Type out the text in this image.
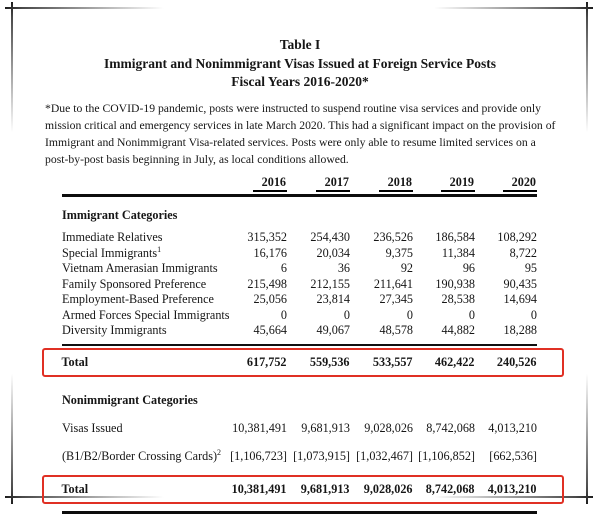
Table I
Immigrant and Nonimmigrant Visas Issued at Foreign Service Posts
Fiscal Years 2016-2020*
*Due to the COVID-19 pandemic, posts were instructed to suspend routine visa services and provide only mission critical and emergency services in late March 2020. This had a significant impact on the provision of Immigrant and Nonimmigrant Visa-related services. Posts were only able to resume limited services on a post-by-post basis beginning in July, as local conditions allowed.
2016	2017	2018	2019	2020
Immigrant Categories
Immediate Relatives	315,352	254,430	236,526	186,584	108,292
Special Immigrants$^1$	16,176	20,034	9,375	11,384	8,722
Vietnam Amerasian Immigrants	6	36	92	96	95
Family Sponsored Preference	215,498	212,155	211,641	190,938	90,435
Employment-Based Preference	25,056	23,814	27,345	28,538	14,694
Armed Forces Special Immigrants	0	0	0	0	0
Diversity Immigrants	45,664	49,067	48,578	44,882	18,288
Total	617,752	559,536	533,557	462,422	240,526
Nonimmigrant Categories
Visas Issued	10,381,491	9,681,913	9,028,026	8,742,068	4,013,210
(B1/B2/Border Crossing Cards)$^2$ [1,106,723] [1,073,915] [1,032,467] [1,106,852]	[662,536]
Total	10,381,491	9,681,913	9,028,026	8,742,068	4,013,210
